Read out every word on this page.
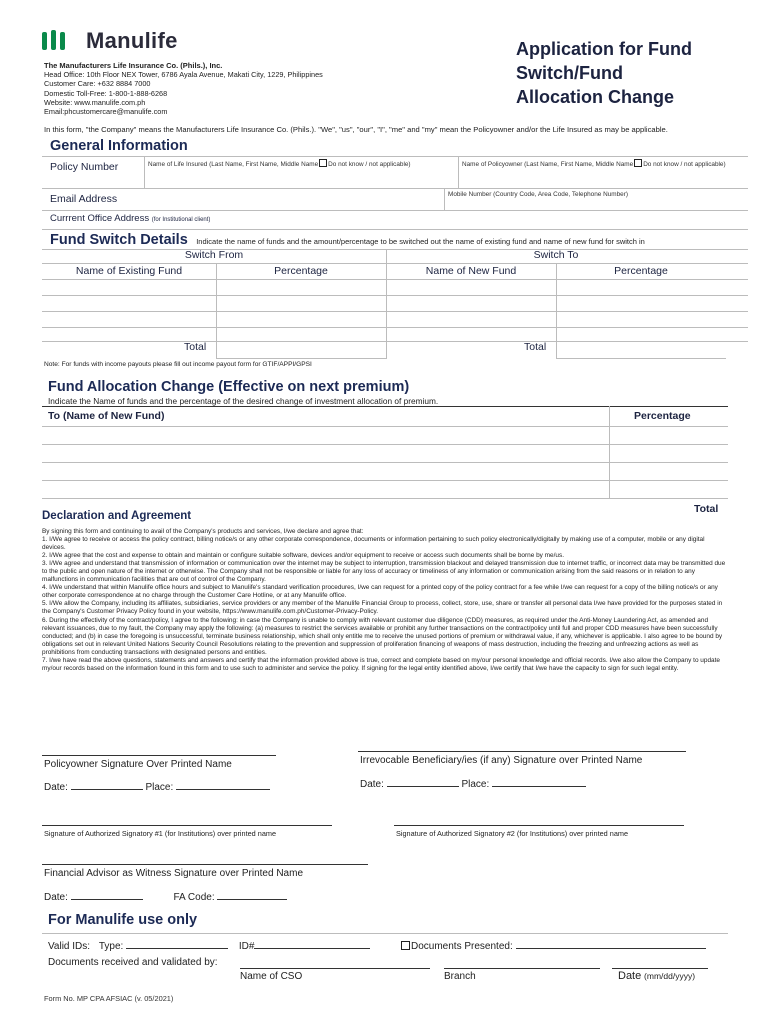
Manulife
The Manufacturers Life Insurance Co. (Phils.), Inc.
Head Office: 10th Floor NEX Tower, 6786 Ayala Avenue, Makati City, 1229, Philippines
Customer Care: +632 8884 7000
Domestic Toll-Free: 1-800-1-888-6268
Website: www.manulife.com.ph
Email:phcustomercare@manulife.com
Application for Fund
Switch/Fund
Allocation Change
In this form, "the Company" means the Manufacturers Life Insurance Co. (Phils.). "We", "us", "our", "I", "me" and "my" mean the Policyowner and/or the Life Insured as may be applicable.
General Information
Policy Number	Name of Life Insured (Last Name, First Name, Middle Name Do not know / not applicable)	Name of Policyowner (Last Name, First Name, Middle Name Do not know / not applicable)
Email Address	Mobile Number (Country Code, Area Code, Telephone Number)
Currrent Office Address (for Institutional client)
Fund Switch Details Indicate the name of funds and the amount/percentage to be switched out the name of existing fund and name of new fund for switch in
Switch From	Switch To
Name of Existing Fund	Percentage	Name of New Fund	Percentage
Total	Total
Note: For funds with income payouts please fill out income payout form for GTIF/APPI/GPSI
Fund Allocation Change (Effective on next premium)
Indicate the Name of funds and the percentage of the desired change of investment allocation of premium.
To (Name of New Fund)	Percentage
Total
Declaration and Agreement

By signing this form and continuing to avail of the Company's products and services, I/we declare and agree that:

1. I/We agree to receive or access the policy contract, billing notice/s or any other corporate correspondence, documents or information pertaining to such policy electronically/digitally by making use of a computer, mobile or any digital devices.

2. I/We agree that the cost and expense to obtain and maintain or configure suitable software, devices and/or equipment to receive or access such documents shall be borne by me/us.

3. I/We agree and understand that transmission of information or communication over the internet may be subject to interruption, transmission blackout and delayed transmission due to internet traffic, or incorrect data may be transmitted due to the public and open nature of the internet or otherwise. The Company shall not be responsible or liable for any loss of accuracy or timeliness of any information or communication arising from the said reasons or in relation to any malfunctions in communication facilities that are out of control of the Company.

4. I/We understand that within Manulife office hours and subject to Manulife's standard verification procedures, I/we can request for a printed copy of the policy contract for a fee while I/we can request for a copy of the billing notice/s or any other corporate correspondence at no charge through the Customer Care Hotline, or at any Manulife office.

5. I/We allow the Company, including its affiliates, subsidiaries, service providers or any member of the Manulife Financial Group to process, collect, store, use, share or transfer all personal data I/we have provided for the purposes stated in the Company's Customer Privacy Policy found in your website, https://www.manulife.com.ph/Customer-Privacy-Policy.

6. During the effectivity of the contract/policy, I agree to the following: in case the Company is unable to comply with relevant customer due diligence (CDD) measures, as required under the Anti-Money Laundering Act, as amended and relevant issuances, due to my fault, the Company may apply the following: (a) measures to restrict the services available or prohibit any further transactions on the contract/policy until full and proper CDD measures have been successfully conducted; and (b) in case the foregoing is unsuccessful, terminate business relationship, which shall only entitle me to receive the unused portions of premium or withdrawal value, if any, whichever is applicable. I also agree to be bound by obligations set out in relevant United Nations Security Council Resolutions relating to the prevention and suppression of proliferation financing of weapons of mass destruction, including the freezing and unfreezing actions as well as prohibitions from conducting transactions with designated persons and entities.

7. I/we have read the above questions, statements and answers and certify that the information provided above is true, correct and complete based on my/our personal knowledge and official records. I/we also allow the Company to update my/our records based on the information found in this form and to use such to administer and service the policy. If signing for the legal entity identified above, I/we certify that I/we have the capacity to sign for such legal entity.

Policyowner Signature Over Printed Name
Date:	Place:
Irrevocable Beneficiary/ies (if any) Signature over Printed Name
Date:	Place:
Signature of Authorized Signatory #1 (for Institutions) over printed name	Signature of Authorized Signatory #2 (for Institutions) over printed name
Financial Advisor as Witness Signature over Printed Name
Date:	FA Code:
For Manulife use only
Valid IDs: Type:	ID#	Documents Presented:
Documents received and validated by:
Name of CSO	Branch	Date (mm/dd/yyyy)
Form No. MP CPA AFSIAC (v. 05/2021)
